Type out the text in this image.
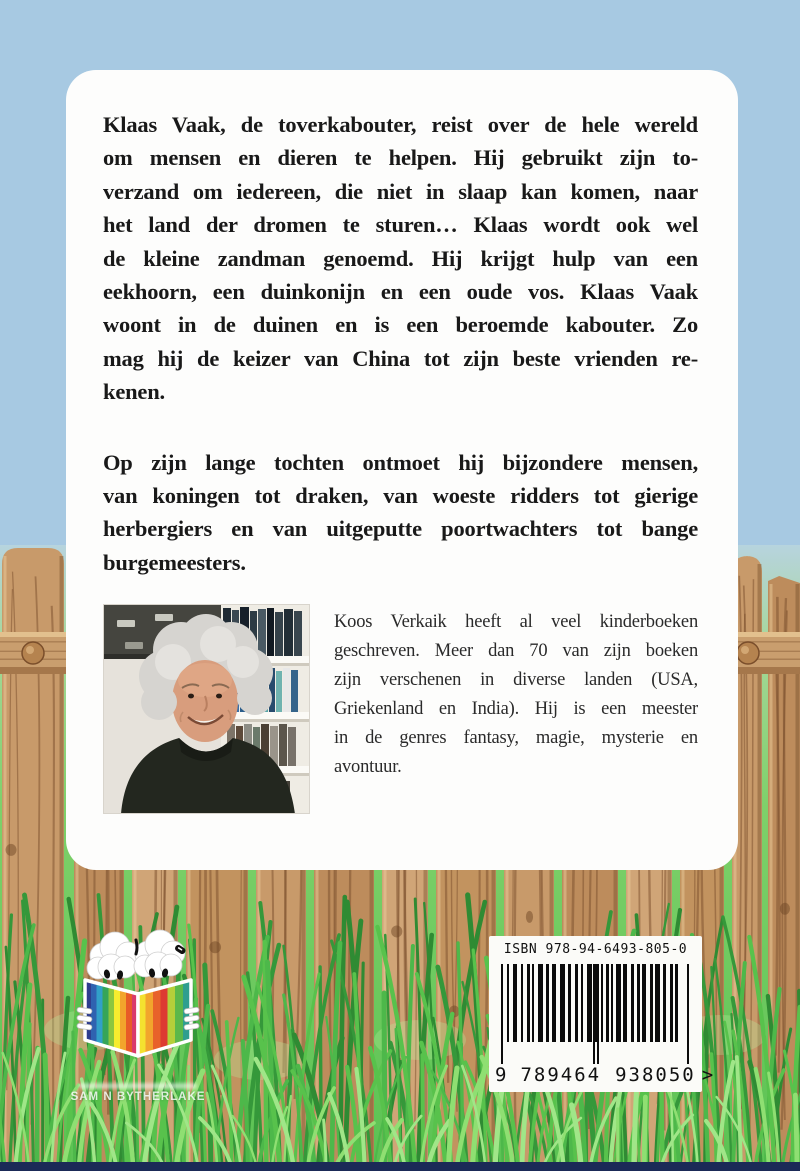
Klaas Vaak, de toverkabouter, reist over de hele wereld
om mensen en dieren te helpen. Hij gebruikt zijn to-
verzand om iedereen, die niet in slaap kan komen, naar
het land der dromen te sturen… Klaas wordt ook wel
de kleine zandman genoemd. Hij krijgt hulp van een
eekhoorn, een duinkonijn en een oude vos. Klaas Vaak
woont in de duinen en is een beroemde kabouter. Zo
mag hij de keizer van China tot zijn beste vrienden re-
kenen.
Op zijn lange tochten ontmoet hij bijzondere mensen,
van koningen tot draken, van woeste ridders tot gierige
herbergiers en van uitgeputte poortwachters tot bange
burgemeesters.
Koos Verkaik heeft al veel kinderboeken
geschreven. Meer dan 70 van zijn boeken
zijn verschenen in diverse landen (USA,
Griekenland en India). Hij is een meester
in de genres fantasy, magie, mysterie en
avontuur.
SAM N BYTHERLAKE
ISBN 978-94-6493-805-0
9 789464 938050 >
